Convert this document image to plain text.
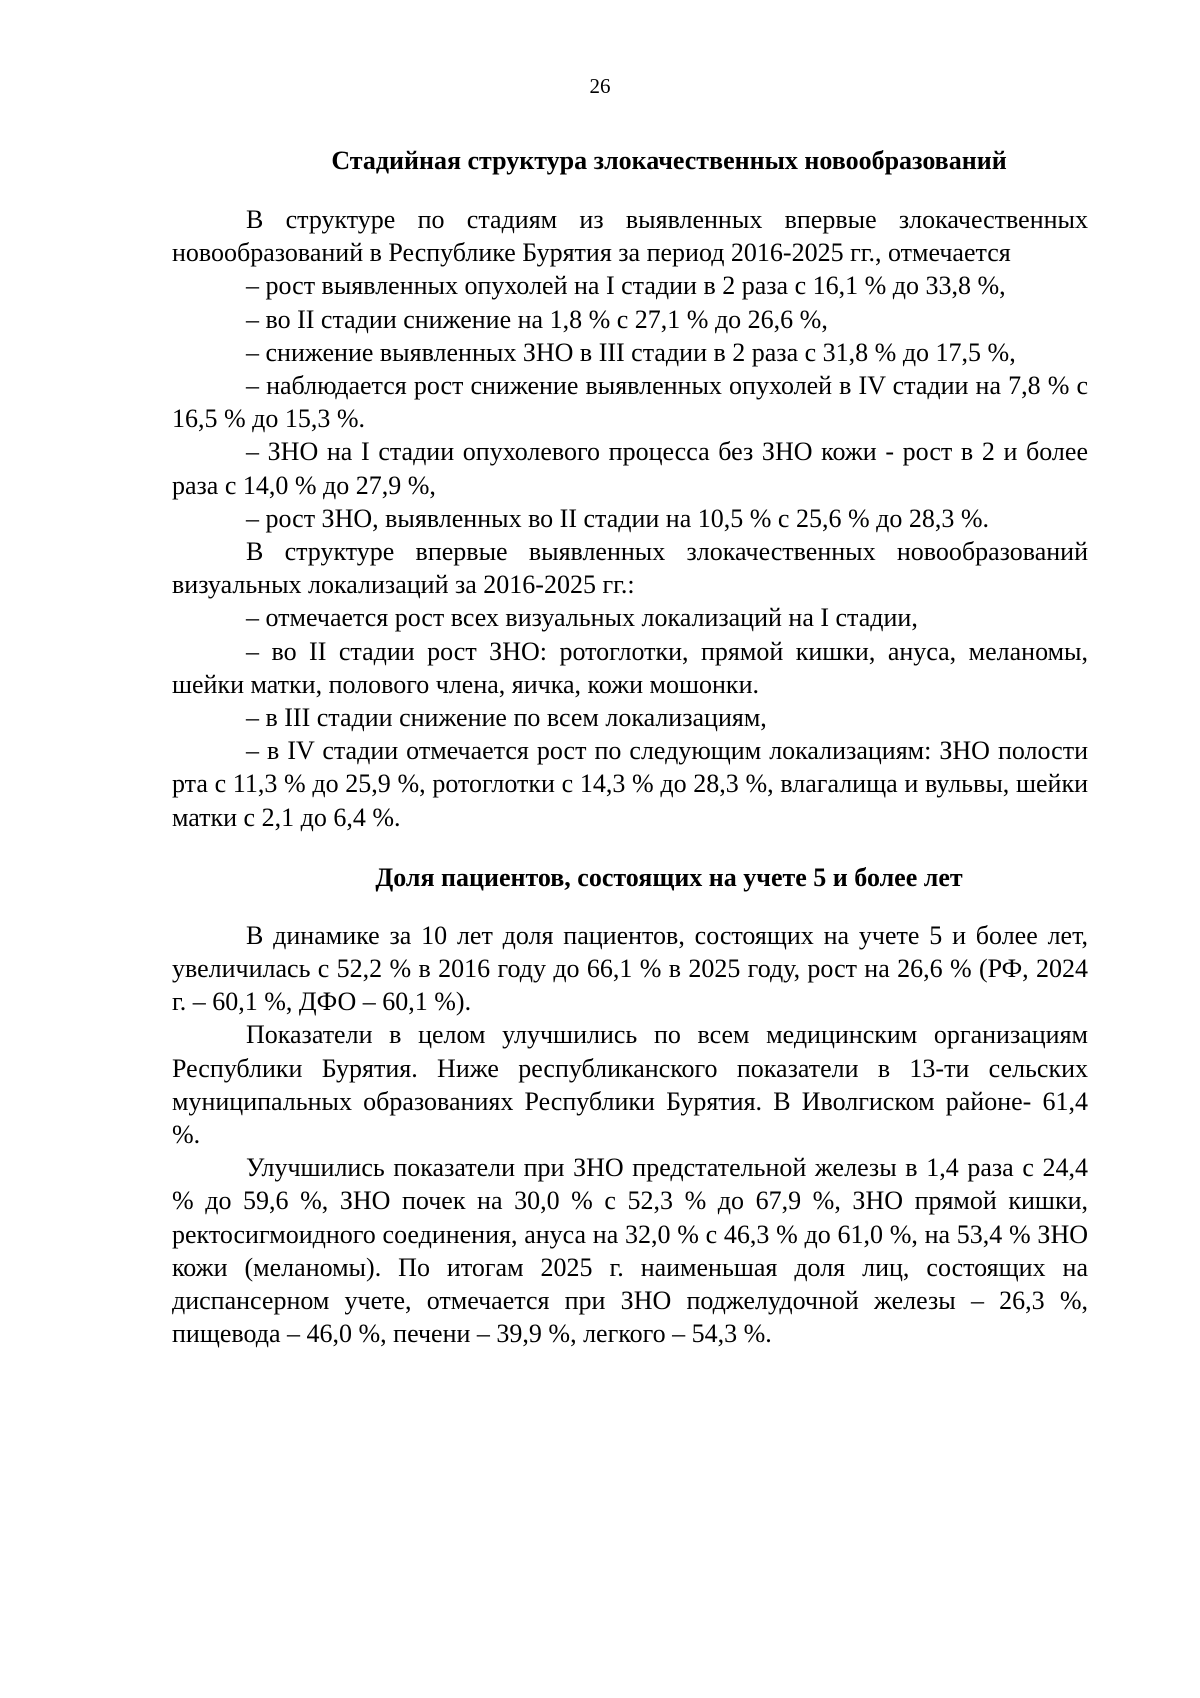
26
Стадийная структура злокачественных новообразований
В структуре по стадиям из выявленных впервые злокачественных новообразований в Республике Бурятия за период 2016-2025 гг., отмечается
– рост выявленных опухолей на I стадии в 2 раза с 16,1 % до 33,8 %,
– во II стадии снижение на 1,8 % с 27,1 % до 26,6 %,
– снижение выявленных ЗНО в III стадии в 2 раза с 31,8 % до 17,5 %,
– наблюдается рост снижение выявленных опухолей в IV стадии на 7,8 % с 16,5 % до 15,3 %.
– ЗНО на I стадии опухолевого процесса без ЗНО кожи - рост в 2 и более раза с 14,0 % до 27,9 %,
– рост ЗНО, выявленных во II стадии на 10,5 % с 25,6 % до 28,3 %.
В структуре впервые выявленных злокачественных новообразований визуальных локализаций за 2016-2025 гг.:
– отмечается рост всех визуальных локализаций на I стадии,
– во II стадии рост ЗНО: ротоглотки, прямой кишки, ануса, меланомы, шейки матки, полового члена, яичка, кожи мошонки.
– в III стадии снижение по всем локализациям,
– в IV стадии отмечается рост по следующим локализациям: ЗНО полости рта с 11,3 % до 25,9 %, ротоглотки с 14,3 % до 28,3 %, влагалища и вульвы, шейки матки с 2,1 до 6,4 %.
Доля пациентов, состоящих на учете 5 и более лет
В динамике за 10 лет доля пациентов, состоящих на учете 5 и более лет, увеличилась с 52,2 % в 2016 году до 66,1 % в 2025 году, рост на 26,6 % (РФ, 2024 г. – 60,1 %, ДФО – 60,1 %).
Показатели в целом улучшились по всем медицинским организациям Республики Бурятия. Ниже республиканского показатели в 13-ти сельских муниципальных образованиях Республики Бурятия. В Иволгиском районе- 61,4 %.
Улучшились показатели при ЗНО предстательной железы в 1,4 раза с 24,4 % до 59,6 %, ЗНО почек на 30,0 % с 52,3 % до 67,9 %, ЗНО прямой кишки, ректосигмоидного соединения, ануса на 32,0 % с 46,3 % до 61,0 %, на 53,4 % ЗНО кожи (меланомы). По итогам 2025 г. наименьшая доля лиц, состоящих на диспансерном учете, отмечается при ЗНО поджелудочной железы – 26,3 %, пищевода – 46,0 %, печени – 39,9 %, легкого – 54,3 %.
